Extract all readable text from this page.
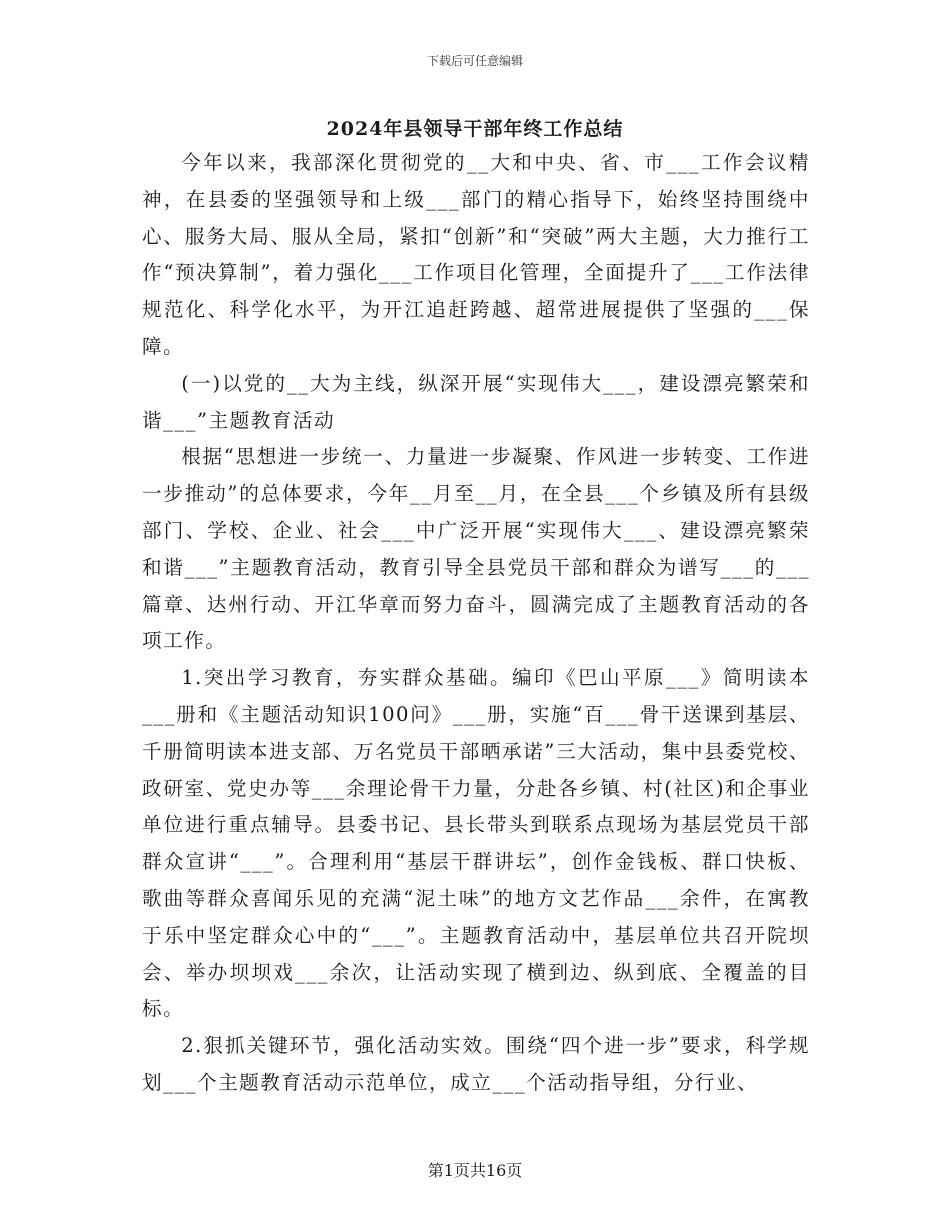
下载后可任意编辑
2024年县领导干部年终工作总结

今年以来，我部深化贯彻党的__大和中央、省、市___工作会议精神，在县委的坚强领导和上级___部门的精心指导下，始终坚持围绕中心、服务大局、服从全局，紧扣“创新”和“突破”两大主题，大力推行工作“预决算制”，着力强化___工作项目化管理，全面提升了___工作法律规范化、科学化水平，为开江追赶跨越、超常进展提供了坚强的___保障。

(一)以党的__大为主线，纵深开展“实现伟大___，建设漂亮繁荣和谐___”主题教育活动

根据“思想进一步统一、力量进一步凝聚、作风进一步转变、工作进一步推动”的总体要求，今年__月至__月，在全县___个乡镇及所有县级部门、学校、企业、社会___中广泛开展“实现伟大___、建设漂亮繁荣和谐___”主题教育活动，教育引导全县党员干部和群众为谱写___的___篇章、达州行动、开江华章而努力奋斗，圆满完成了主题教育活动的各项工作。

1.突出学习教育，夯实群众基础。编印《巴山平原___》简明读本___册和《主题活动知识100问》___册，实施“百___骨干送课到基层、千册简明读本进支部、万名党员干部晒承诺”三大活动，集中县委党校、政研室、党史办等___余理论骨干力量，分赴各乡镇、村(社区)和企事业单位进行重点辅导。县委书记、县长带头到联系点现场为基层党员干部群众宣讲“___”。合理利用“基层干群讲坛”，创作金钱板、群口快板、歌曲等群众喜闻乐见的充满“泥土味”的地方文艺作品___余件，在寓教于乐中坚定群众心中的“___”。主题教育活动中，基层单位共召开院坝会、举办坝坝戏___余次，让活动实现了横到边、纵到底、全覆盖的目标。

2.狠抓关键环节，强化活动实效。围绕“四个进一步”要求，科学规划___个主题教育活动示范单位，成立___个活动指导组，分行业、

第1页共16页
